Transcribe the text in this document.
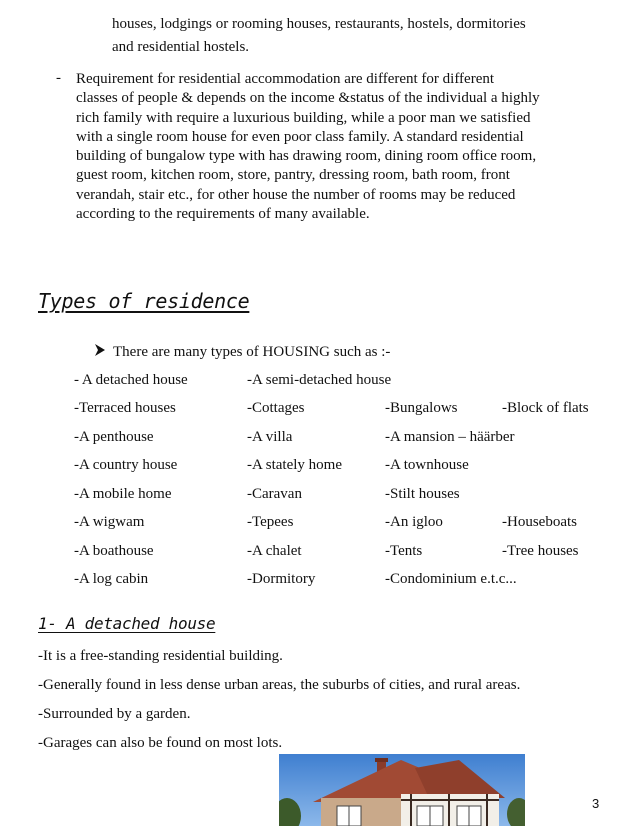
houses, lodgings or rooming houses, restaurants, hostels, dormitories
and residential hostels.
- Requirement for residential accommodation are different for different
classes of people & depends on the income &status of the individual a highly
rich family with require a luxurious building, while a poor man we satisfied
with a single room house for even poor class family. A standard residential
building of bungalow type with has drawing room, dining room office room,
guest room, kitchen room, store, pantry, dressing room, bath room, front
verandah, stair etc., for other house the number of rooms may be reduced
according to the requirements of many available.
Types of residence
There are many types of HOUSING such as :-
- A detached house	-A semi-detached house
-Terraced houses	-Cottages	-Bungalows	-Block of flats
-A penthouse	-A villa	-A mansion – häärber
-A country house	-A stately home	-A townhouse
-A mobile home	-Caravan	-Stilt houses
-A wigwam	-Tepees	-An igloo	-Houseboats
-A boathouse	-A chalet	-Tents	-Tree houses
-A log cabin	-Dormitory	-Condominium e.t.c...
1- A detached house
-It is a free-standing residential building.
-Generally found in less dense urban areas, the suburbs of cities, and rural areas.
-Surrounded by a garden.
-Garages can also be found on most lots.
3
